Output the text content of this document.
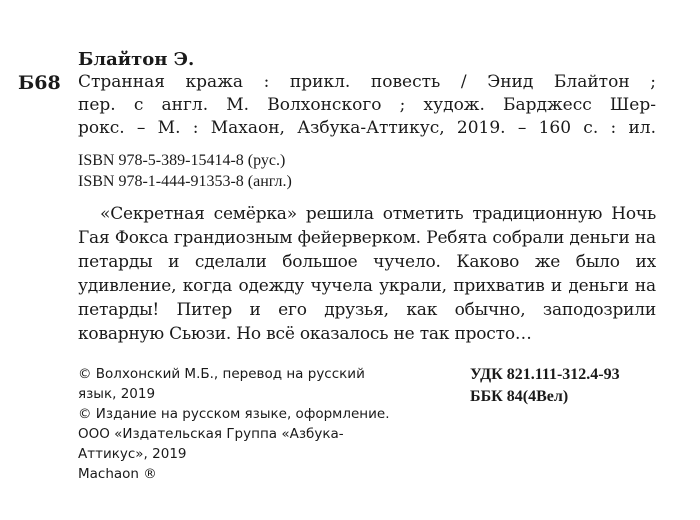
Б68
Блайтон Э.
Странная кража : прикл. повесть / Энид Блайтон ;
пер. с англ. М. Волхонского ; худож. Барджесс Шер-
рокс. – М. : Махаон, Азбука-Аттикус, 2019. – 160 с. : ил.
ISBN 978-5-389-15414-8 (рус.)
ISBN 978-1-444-91353-8 (англ.)
«Секретная семёрка» решила отметить традиционную Ночь Гая Фокса грандиозным фейерверком. Ребята собрали деньги на петарды и сделали большое чучело. Каково же было их удивление, когда одежду чучела украли, прихватив и деньги на петарды! Питер и его друзья, как обычно, заподозрили коварную Сьюзи. Но всё оказалось не так просто…
© Волхонский М.Б., перевод на русский
язык, 2019
© Издание на русском языке, оформление.
ООО «Издательская Группа «Азбука-
Аттикус», 2019
Machaon ®
УДК 821.111-312.4-93
ББК 84(4Вел)
